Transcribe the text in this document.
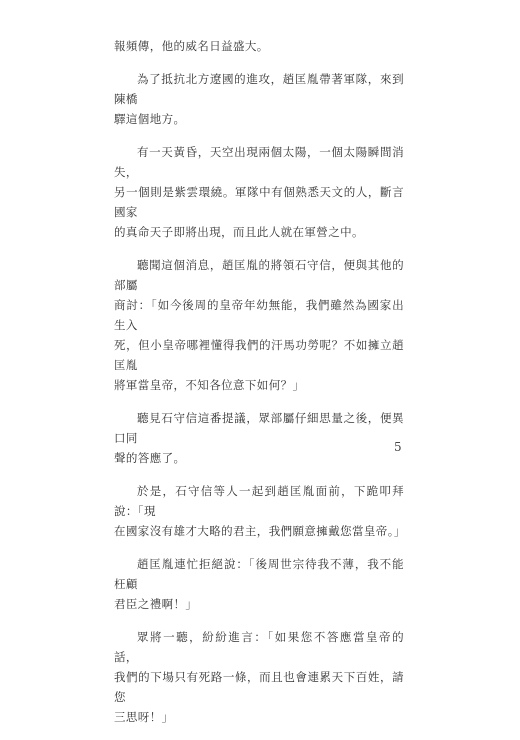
報頻傳，他的威名日益盛大。

為了抵抗北方遼國的進攻，趙匡胤帶著軍隊，來到陳橋
驛這個地方。

有一天黃昏，天空出現兩個太陽，一個太陽瞬間消失，
另一個則是紫雲環繞。軍隊中有個熟悉天文的人，斷言國家
的真命天子即將出現，而且此人就在軍營之中。

聽聞這個消息，趙匡胤的將領石守信，便與其他的部屬
商討：「如今後周的皇帝年幼無能，我們雖然為國家出生入
死，但小皇帝哪裡懂得我們的汗馬功勞呢？不如擁立趙匡胤
將軍當皇帝，不知各位意下如何？」

聽見石守信這番提議，眾部屬仔細思量之後，便異口同
聲的答應了。

於是，石守信等人一起到趙匡胤面前，下跪叩拜說：「現
在國家沒有雄才大略的君主，我們願意擁戴您當皇帝。」

趙匡胤連忙拒絕說：「後周世宗待我不薄，我不能枉顧
君臣之禮啊！」

眾將一聽，紛紛進言：「如果您不答應當皇帝的話，
我們的下場只有死路一條，而且也會連累天下百姓，請您
三思呀！」

5
